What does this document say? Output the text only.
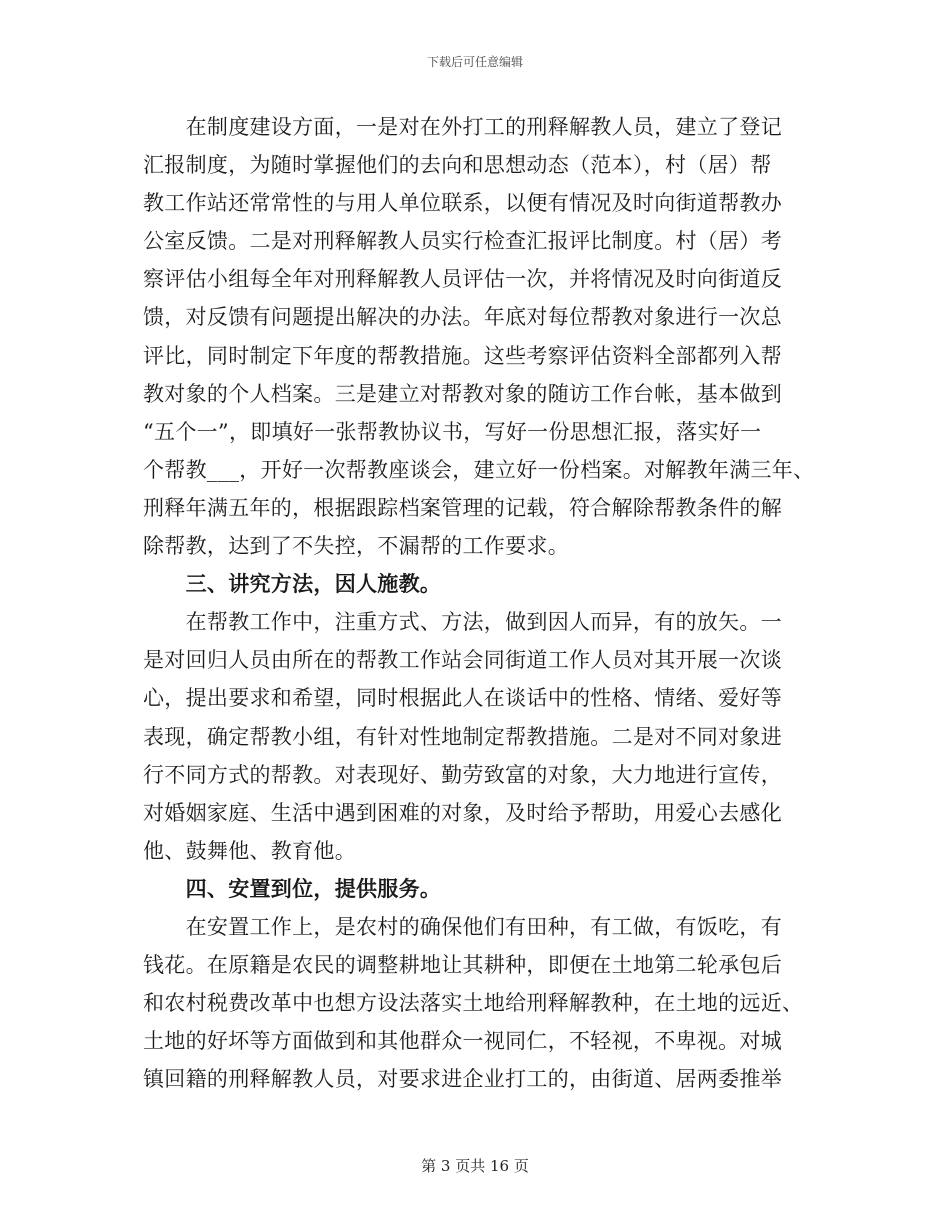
下载后可任意编辑
　　在制度建设方面，一是对在外打工的刑释解教人员，建立了登记
汇报制度，为随时掌握他们的去向和思想动态（范本），村（居）帮
教工作站还常常性的与用人单位联系，以便有情况及时向街道帮教办
公室反馈。二是对刑释解教人员实行检查汇报评比制度。村（居）考
察评估小组每全年对刑释解教人员评估一次，并将情况及时向街道反
馈，对反馈有问题提出解决的办法。年底对每位帮教对象进行一次总
评比，同时制定下年度的帮教措施。这些考察评估资料全部都列入帮
教对象的个人档案。三是建立对帮教对象的随访工作台帐，基本做到
“五个一”，即填好一张帮教协议书，写好一份思想汇报，落实好一
个帮教___，开好一次帮教座谈会，建立好一份档案。对解教年满三年、
刑释年满五年的，根据跟踪档案管理的记载，符合解除帮教条件的解
除帮教，达到了不失控，不漏帮的工作要求。
　　三、讲究方法，因人施教。
　　在帮教工作中，注重方式、方法，做到因人而异，有的放矢。一
是对回归人员由所在的帮教工作站会同街道工作人员对其开展一次谈
心，提出要求和希望，同时根据此人在谈话中的性格、情绪、爱好等
表现，确定帮教小组，有针对性地制定帮教措施。二是对不同对象进
行不同方式的帮教。对表现好、勤劳致富的对象，大力地进行宣传，
对婚姻家庭、生活中遇到困难的对象，及时给予帮助，用爱心去感化
他、鼓舞他、教育他。
　　四、安置到位，提供服务。
　　在安置工作上，是农村的确保他们有田种，有工做，有饭吃，有
钱花。在原籍是农民的调整耕地让其耕种，即便在土地第二轮承包后
和农村税费改革中也想方设法落实土地给刑释解教种，在土地的远近、
土地的好坏等方面做到和其他群众一视同仁，不轻视，不卑视。对城
镇回籍的刑释解教人员，对要求进企业打工的，由街道、居两委推举
第 3 页共 16 页
